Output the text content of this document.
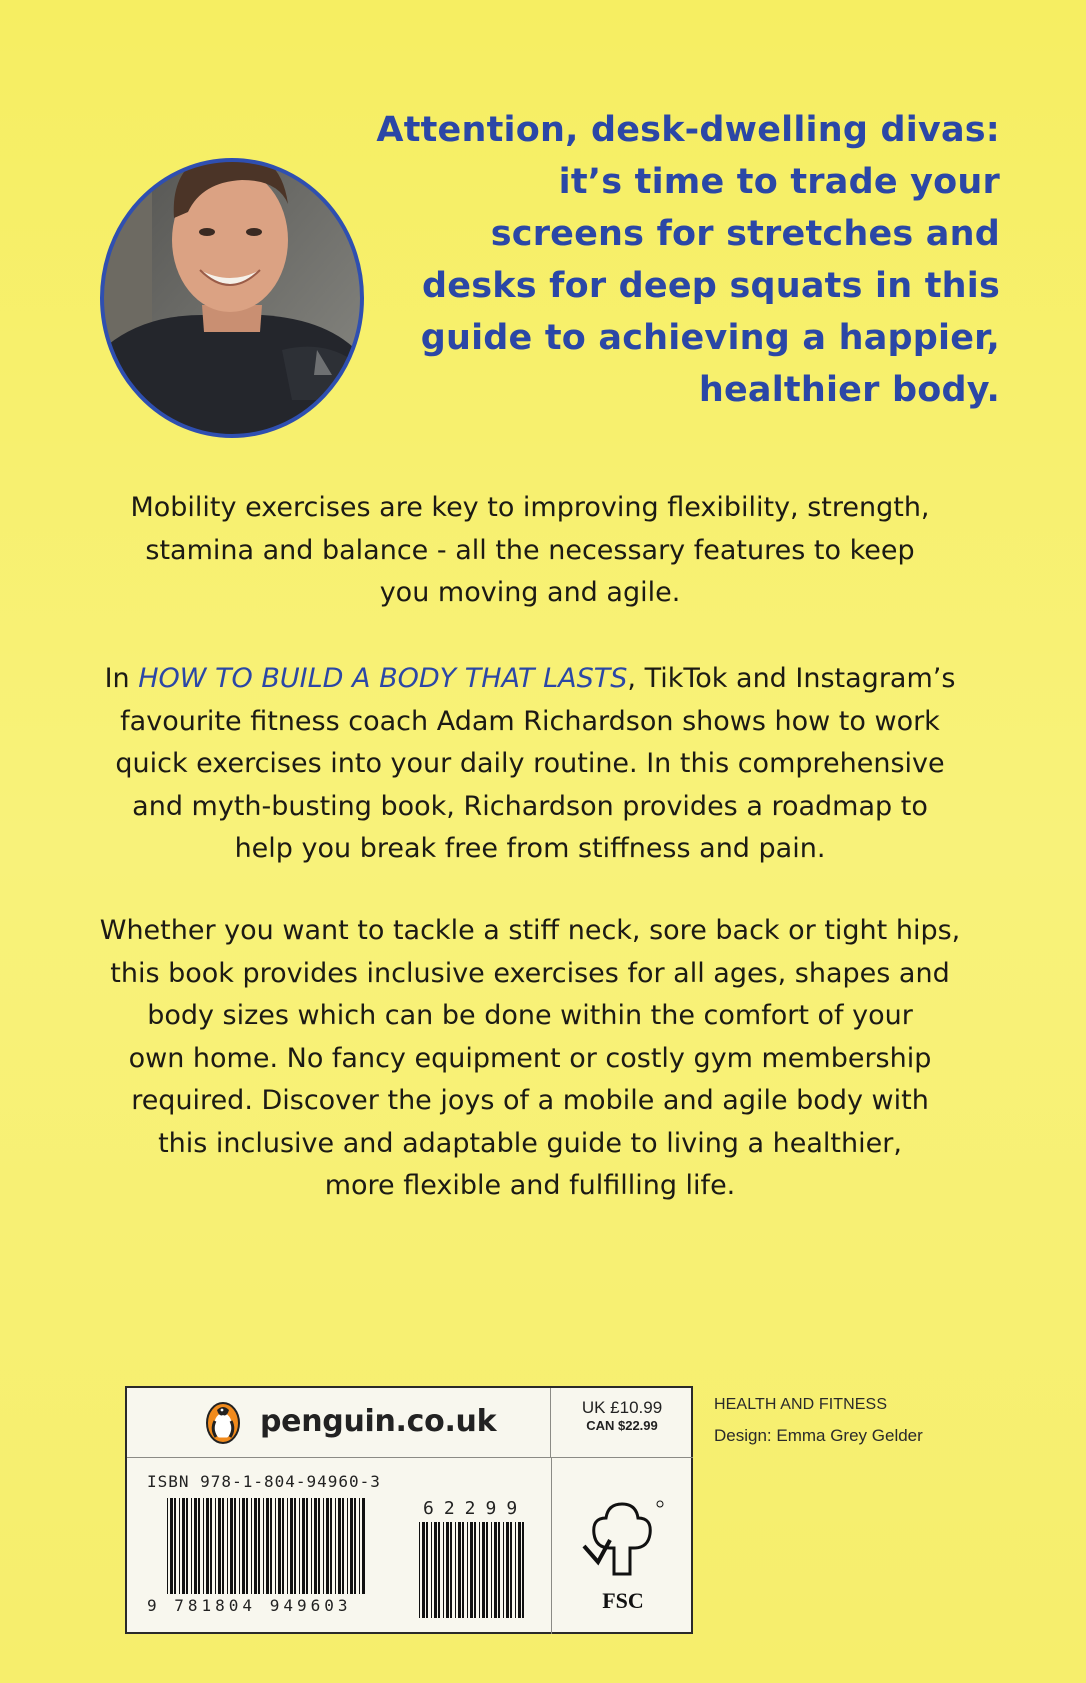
Attention, desk-dwelling divas:
it’s time to trade your
screens for stretches and
desks for deep squats in this
guide to achieving a happier,
healthier body.
Mobility exercises are key to improving flexibility, strength,
stamina and balance - all the necessary features to keep
you moving and agile.
In HOW TO BUILD A BODY THAT LASTS, TikTok and Instagram’s
favourite fitness coach Adam Richardson shows how to work
quick exercises into your daily routine. In this comprehensive
and myth-busting book, Richardson provides a roadmap to
help you break free from stiffness and pain.
Whether you want to tackle a stiff neck, sore back or tight hips,
this book provides inclusive exercises for all ages, shapes and
body sizes which can be done within the comfort of your
own home. No fancy equipment or costly gym membership
required. Discover the joys of a mobile and agile body with
this inclusive and adaptable guide to living a healthier,
more flexible and fulfilling life.
penguin.co.uk	UK £10.99
CAN $22.99
ISBN 978-1-804-94960-3
9 781804 949603
62299
FSC
HEALTH AND FITNESS
Design: Emma Grey Gelder
